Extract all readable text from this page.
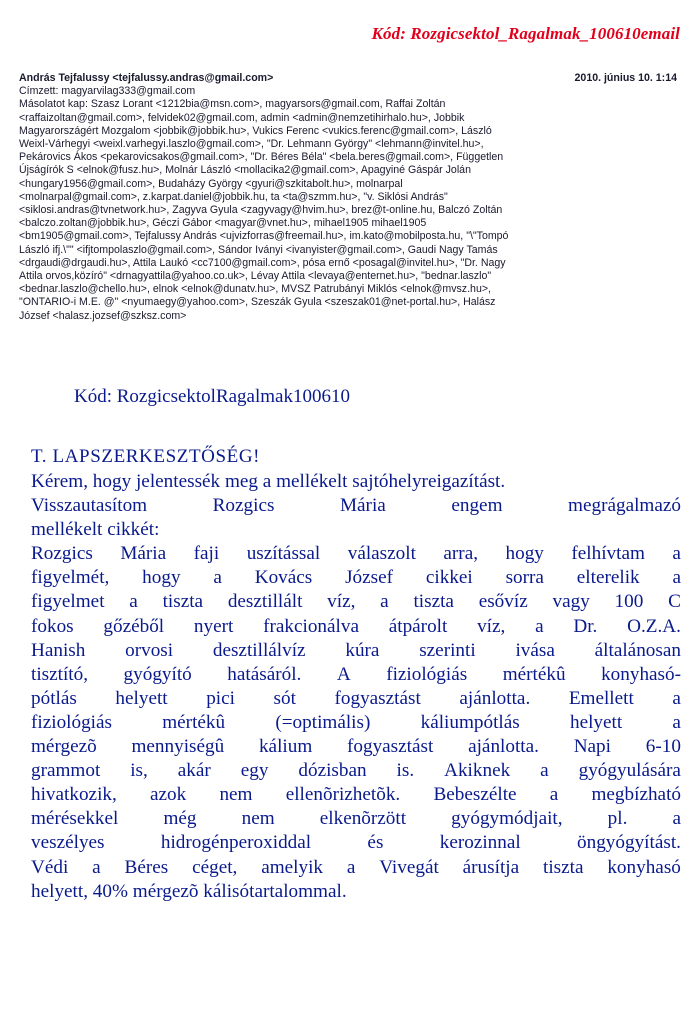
Kód: Rozgicsektol_Ragalmak_100610email
András Tejfalussy <tejfalussy.andras@gmail.com>	2010. június 10. 1:14
Címzett: magyarvilag333@gmail.com
Másolatot kap: Szasz Lorant <1212bia@msn.com>, magyarsors@gmail.com, Raffai Zoltán
<raffaizoltan@gmail.com>, felvidek02@gmail.com, admin <admin@nemzetihirhalo.hu>, Jobbik
Magyarországért Mozgalom <jobbik@jobbik.hu>, Vukics Ferenc <vukics.ferenc@gmail.com>, László
Weixl-Várhegyi <weixl.varhegyi.laszlo@gmail.com>, "Dr. Lehmann György" <lehmann@invitel.hu>,
Pekárovics Ákos <pekarovicsakos@gmail.com>, "Dr. Béres Béla" <bela.beres@gmail.com>, Független
Újságírók S <elnok@fusz.hu>, Molnár László <mollacika2@gmail.com>, Apagyiné Gáspár Jolán
<hungary1956@gmail.com>, Budaházy György <gyuri@szkitabolt.hu>, molnarpal
<molnarpal@gmail.com>, z.karpat.daniel@jobbik.hu, ta <ta@szmm.hu>, "v. Siklósi András"
<siklosi.andras@tvnetwork.hu>, Zagyva Gyula <zagyvagy@hvim.hu>, brez@t-online.hu, Balczó Zoltán
<balczo.zoltan@jobbik.hu>, Géczi Gábor <magyar@vnet.hu>, mihael1905 mihael1905
<bm1905@gmail.com>, Tejfalussy András <ujvizforras@freemail.hu>, im.kato@mobilposta.hu, "\"Tompó
László ifj.\"" <ifjtompolaszlo@gmail.com>, Sándor Iványi <ivanyister@gmail.com>, Gaudi Nagy Tamás
<drgaudi@drgaudi.hu>, Attila Laukó <cc7100@gmail.com>, pósa ernő <posagal@invitel.hu>, "Dr. Nagy
Attila orvos,közíró" <drnagyattila@yahoo.co.uk>, Lévay Attila <levaya@enternet.hu>, "bednar.laszlo"
<bednar.laszlo@chello.hu>, elnok <elnok@dunatv.hu>, MVSZ Patrubányi Miklós <elnok@mvsz.hu>,
"ONTARIO-i M.E. @" <nyumaegy@yahoo.com>, Szeszák Gyula <szeszak01@net-portal.hu>, Halász
József <halasz.jozsef@szksz.com>
Kód: RozgicsektolRagalmak100610
T. LAPSZERKESZTŐSÉG!
Kérem, hogy jelentessék meg a mellékelt sajtóhelyreigazítást.
Visszautasítom	Rozgics	Mária	engem	megrágalmazó
mellékelt cikkét:
Rozgics Mária faji uszítással válaszolt arra, hogy felhívtam a
figyelmét, hogy a Kovács József cikkei sorra elterelik a
figyelmet a tiszta desztillált víz, a tiszta esővíz vagy 100 C
fokos gőzéből nyert frakcionálva átpárolt víz, a Dr. O.Z.A.
Hanish orvosi desztillálvíz kúra szerinti ivása általánosan
tisztító, gyógyító hatásáról. A fiziológiás mértékû konyhasó-
pótlás helyett pici sót fogyasztást ajánlotta. Emellett a
fiziológiás	mértékû	(=optimális)	káliumpótlás	helyett	a
mérgezõ mennyiségû kálium fogyasztást ajánlotta. Napi 6-10
grammot is, akár egy dózisban is. Akiknek a gyógyulására
hivatkozik, azok nem ellenõrizhetõk. Bebeszélte a megbízható
mérésekkel még nem elkenõrzött gyógymódjait, pl. a
veszélyes	hidrogénperoxiddal	és	kerozinnal	öngyógyítást.
Védi a Béres céget, amelyik a Vivegát árusítja tiszta konyhasó
helyett, 40% mérgezõ kálisótartalommal.
